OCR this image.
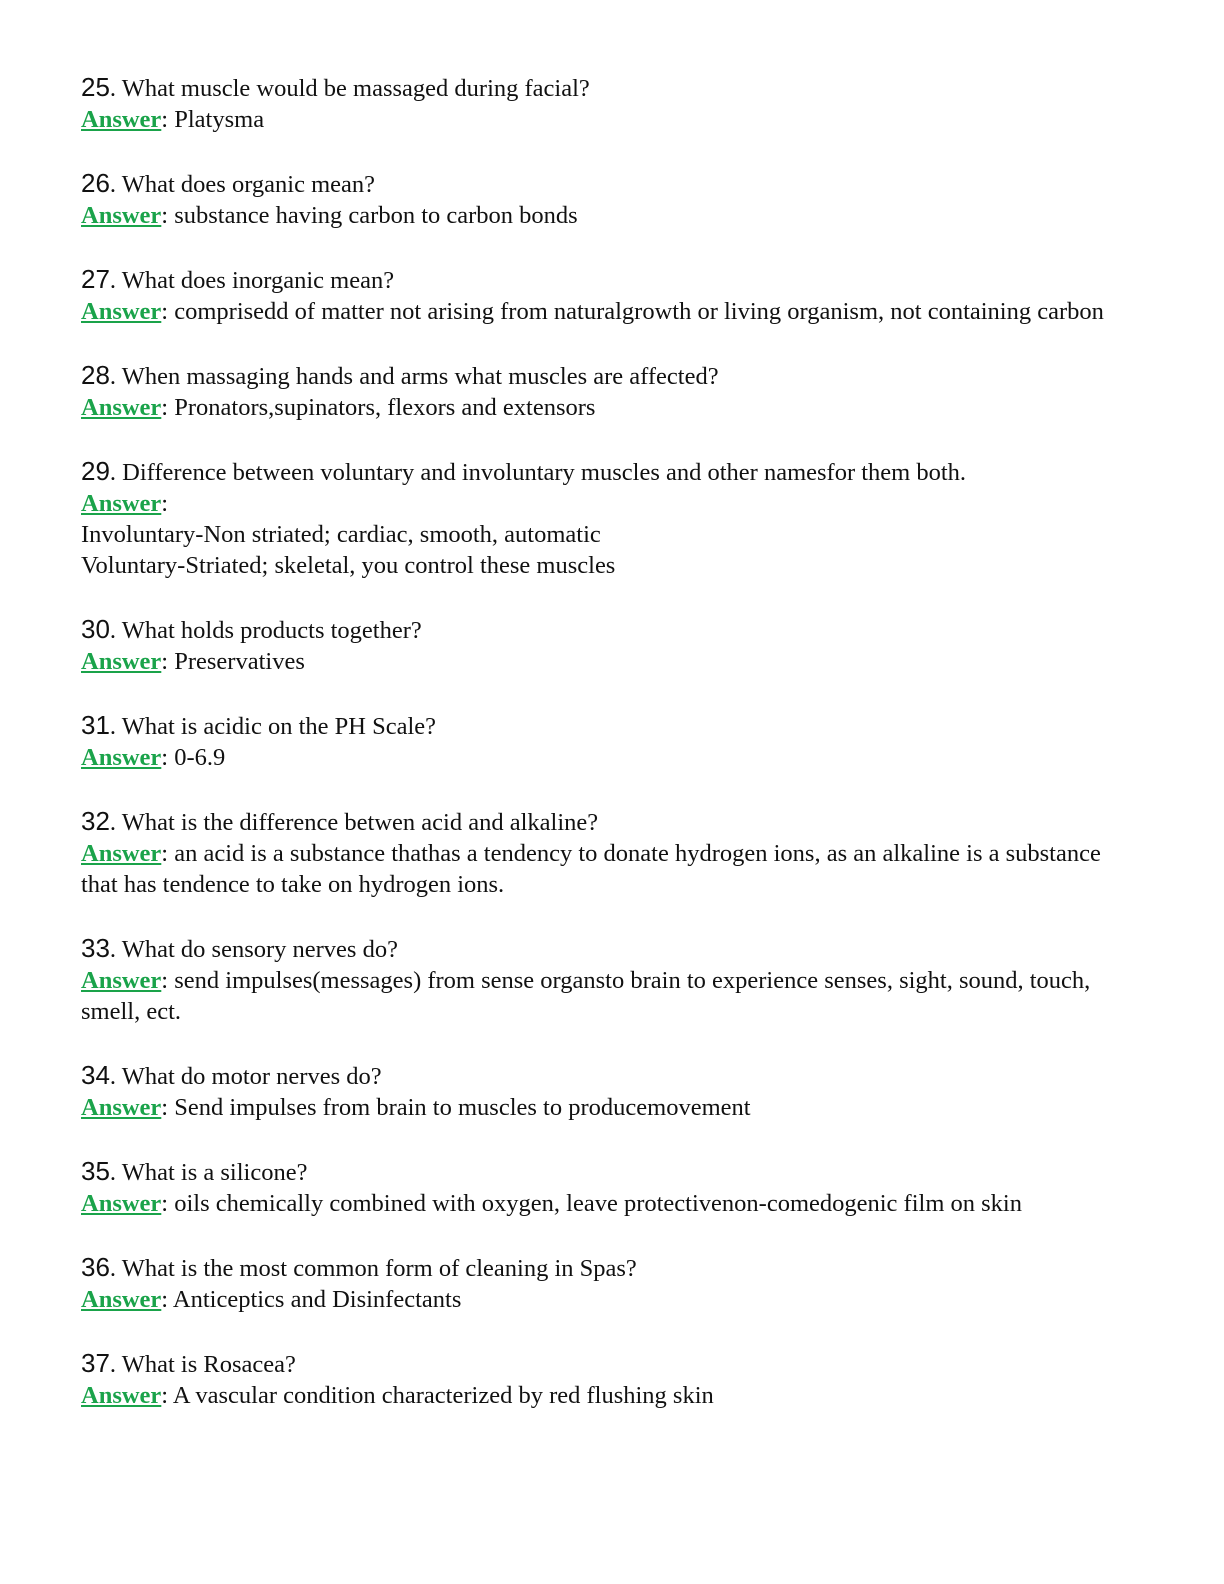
25. What muscle would be massaged during facial?
Answer: Platysma
26. What does organic mean?
Answer: substance having carbon to carbon bonds
27. What does inorganic mean?
Answer: comprisedd of matter not arising from naturalgrowth or living organism, not containing carbon
28. When massaging hands and arms what muscles are affected?
Answer: Pronators,supinators, flexors and extensors
29. Difference between voluntary and involuntary muscles and other namesfor them both.
Answer:
Involuntary-Non striated; cardiac, smooth, automatic
Voluntary-Striated; skeletal, you control these muscles
30. What holds products together?
Answer: Preservatives
31. What is acidic on the PH Scale?
Answer: 0-6.9
32. What is the difference betwen acid and alkaline?
Answer: an acid is a substance thathas a tendency to donate hydrogen ions, as an alkaline is a substance that has tendence to take on hydrogen ions.
33. What do sensory nerves do?
Answer: send impulses(messages) from sense organsto brain to experience senses, sight, sound, touch, smell, ect.
34. What do motor nerves do?
Answer: Send impulses from brain to muscles to producemovement
35. What is a silicone?
Answer: oils chemically combined with oxygen, leave protectivenon-comedogenic film on skin
36. What is the most common form of cleaning in Spas?
Answer: Anticeptics and Disinfectants
37. What is Rosacea?
Answer: A vascular condition characterized by red flushing skin
